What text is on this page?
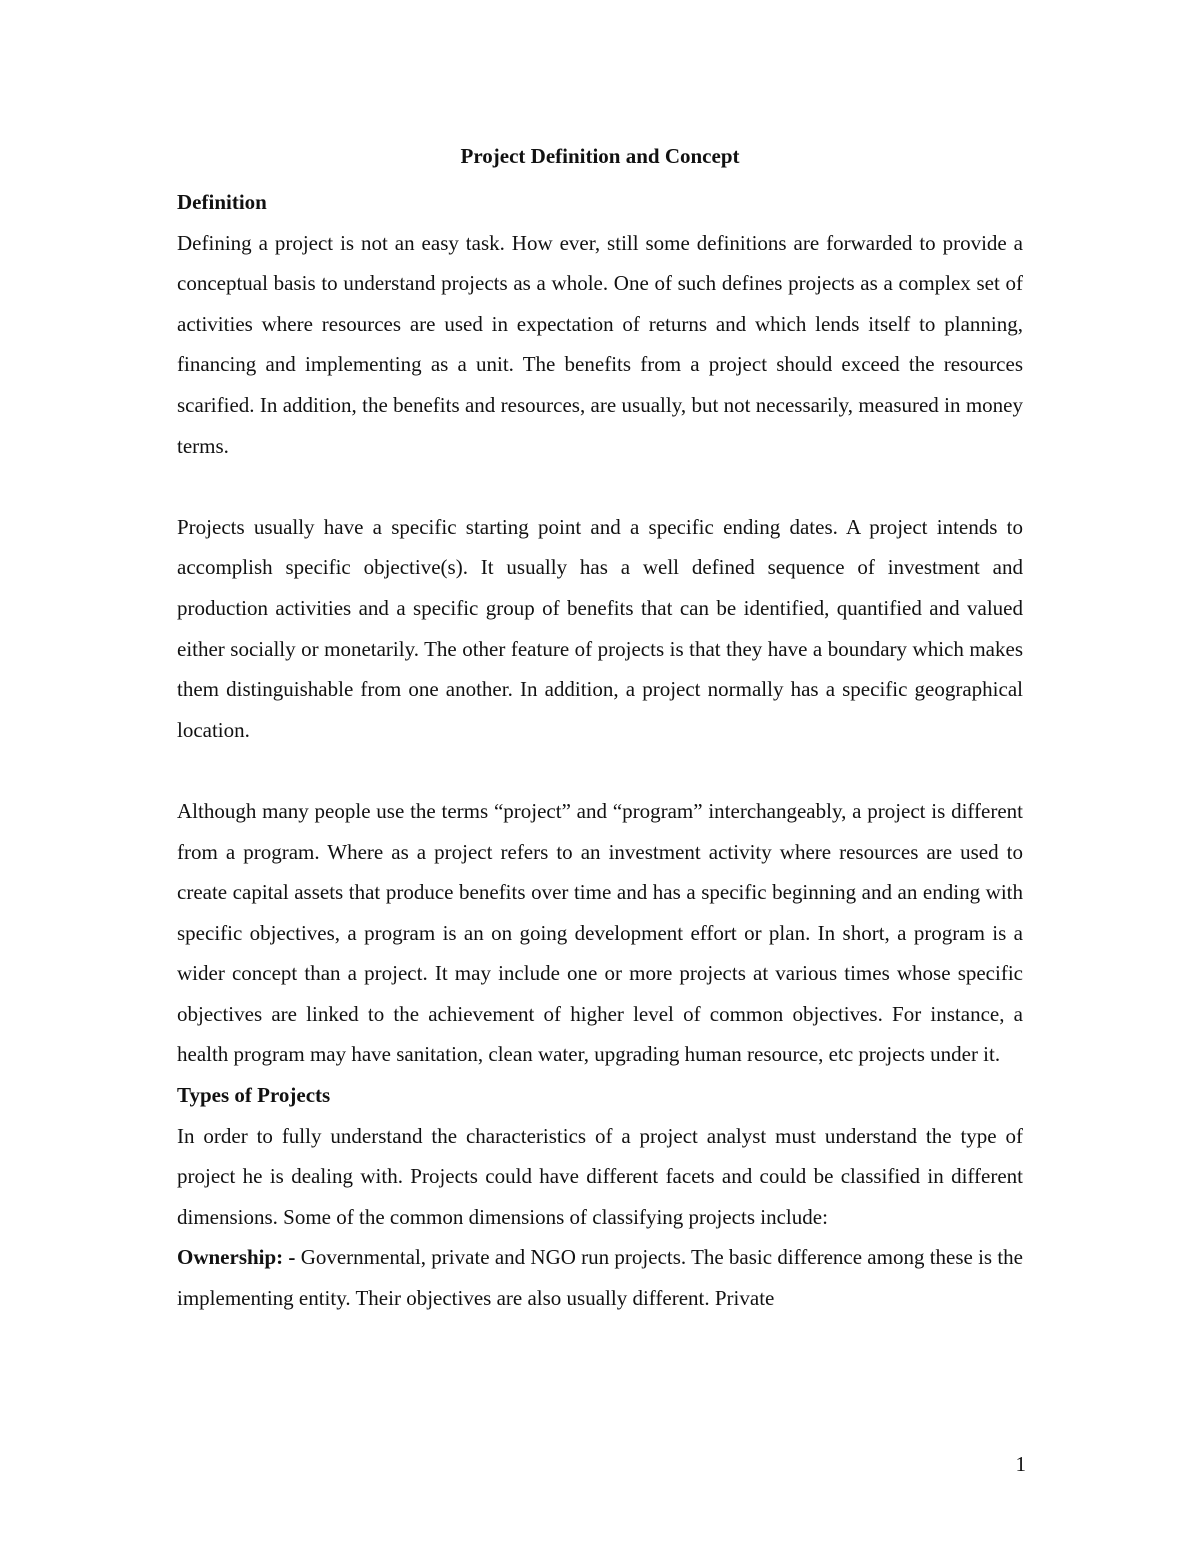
Project Definition and Concept
Definition

Defining a project is not an easy task. How ever, still some definitions are forwarded to provide a conceptual basis to understand projects as a whole. One of such defines projects as a complex set of activities where resources are used in expectation of returns and which lends itself to planning, financing and implementing as a unit. The benefits from a project should exceed the resources scarified. In addition, the benefits and resources, are usually, but not necessarily, measured in money terms.

Projects usually have a specific starting point and a specific ending dates. A project intends to accomplish specific objective(s). It usually has a well defined sequence of investment and production activities and a specific group of benefits that can be identified, quantified and valued either socially or monetarily. The other feature of projects is that they have a boundary which makes them distinguishable from one another. In addition, a project normally has a specific geographical location.

Although many people use the terms “project” and “program” interchangeably, a project is different from a program. Where as a project refers to an investment activity where resources are used to create capital assets that produce benefits over time and has a specific beginning and an ending with specific objectives, a program is an on going development effort or plan. In short, a program is a wider concept than a project. It may include one or more projects at various times whose specific objectives are linked to the achievement of higher level of common objectives. For instance, a health program may have sanitation, clean water, upgrading human resource, etc projects under it.

Types of Projects

In order to fully understand the characteristics of a project analyst must understand the type of project he is dealing with. Projects could have different facets and could be classified in different dimensions. Some of the common dimensions of classifying projects include:

Ownership: - Governmental, private and NGO run projects. The basic difference among these is the implementing entity. Their objectives are also usually different. Private

1
